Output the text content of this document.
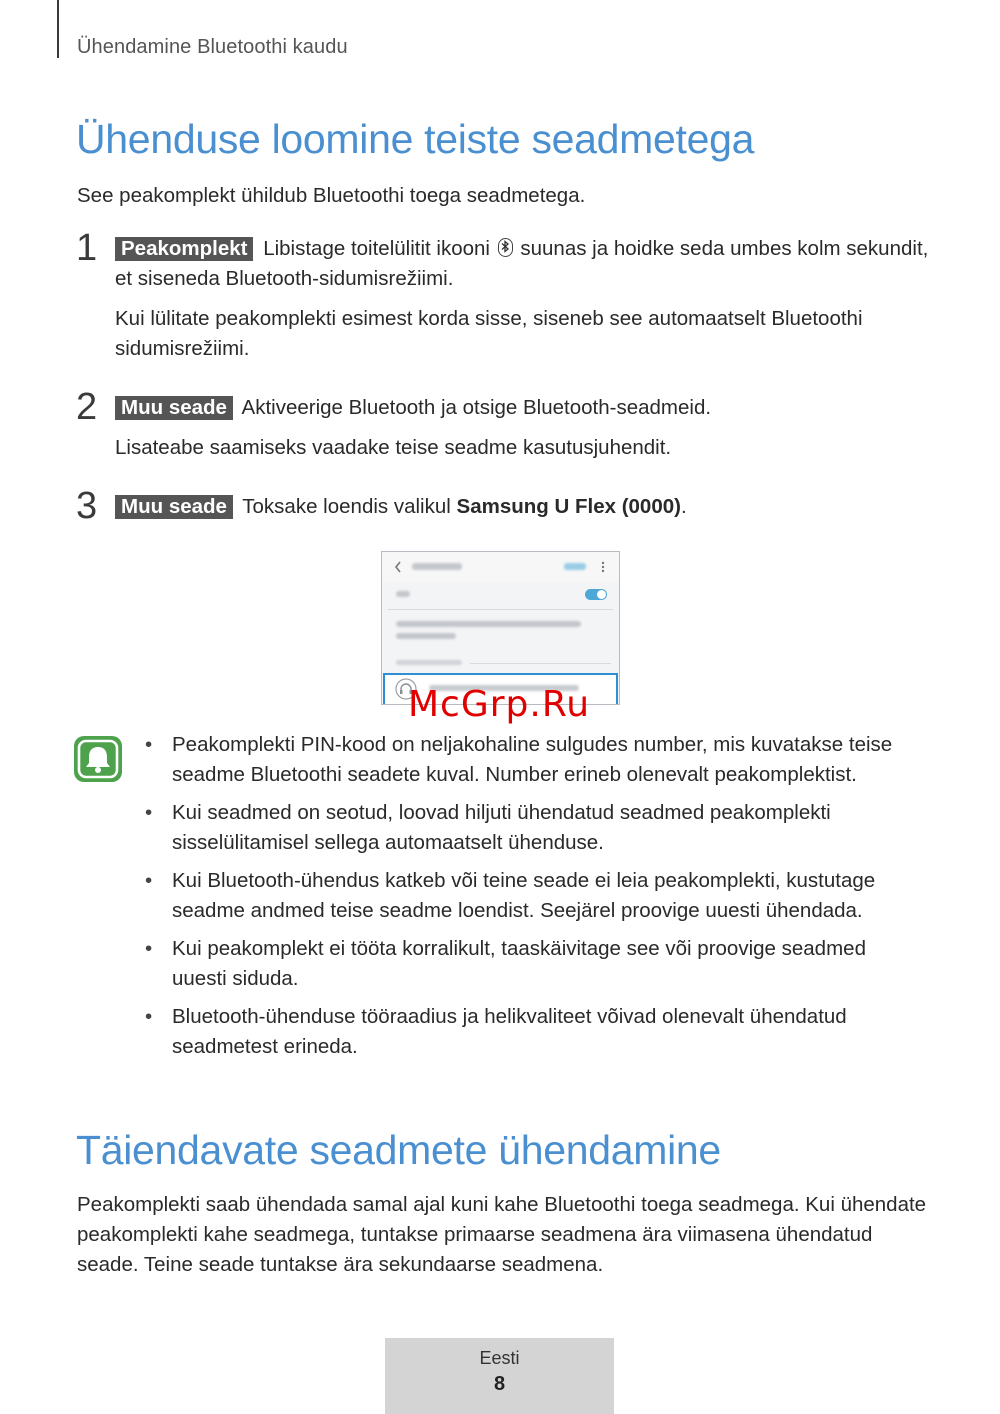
Ühendamine Bluetoothi kaudu
Ühenduse loomine teiste seadmetega
See peakomplekt ühildub Bluetoothi toega seadmetega.
1 Peakomplekt Libistage toitelülitit ikooni suunas ja hoidke seda umbes kolm sekundit, et siseneda Bluetooth-sidumisrežiimi.

Kui lülitate peakomplekti esimest korda sisse, siseneb see automaatselt Bluetoothi sidumisrežiimi.

2 Muu seade Aktiveerige Bluetooth ja otsige Bluetooth-seadmeid.

Lisateabe saamiseks vaadake teise seadme kasutusjuhendit.

3 Muu seade Toksake loendis valikul Samsung U Flex (0000).

McGrp.Ru
• Peakomplekti PIN-kood on neljakohaline sulgudes number, mis kuvatakse teise seadme Bluetoothi seadete kuval. Number erineb olenevalt peakomplektist.
• Kui seadmed on seotud, loovad hiljuti ühendatud seadmed peakomplekti sisselülitamisel sellega automaatselt ühenduse.
• Kui Bluetooth-ühendus katkeb või teine seade ei leia peakomplekti, kustutage seadme andmed teise seadme loendist. Seejärel proovige uuesti ühendada.
• Kui peakomplekt ei tööta korralikult, taaskäivitage see või proovige seadmed uuesti siduda.
• Bluetooth-ühenduse tööraadius ja helikvaliteet võivad olenevalt ühendatud seadmetest erineda.
Täiendavate seadmete ühendamine
Peakomplekti saab ühendada samal ajal kuni kahe Bluetoothi toega seadmega. Kui ühendate peakomplekti kahe seadmega, tuntakse primaarse seadmena ära viimasena ühendatud seade. Teine seade tuntakse ära sekundaarse seadmena.
Eesti
8
